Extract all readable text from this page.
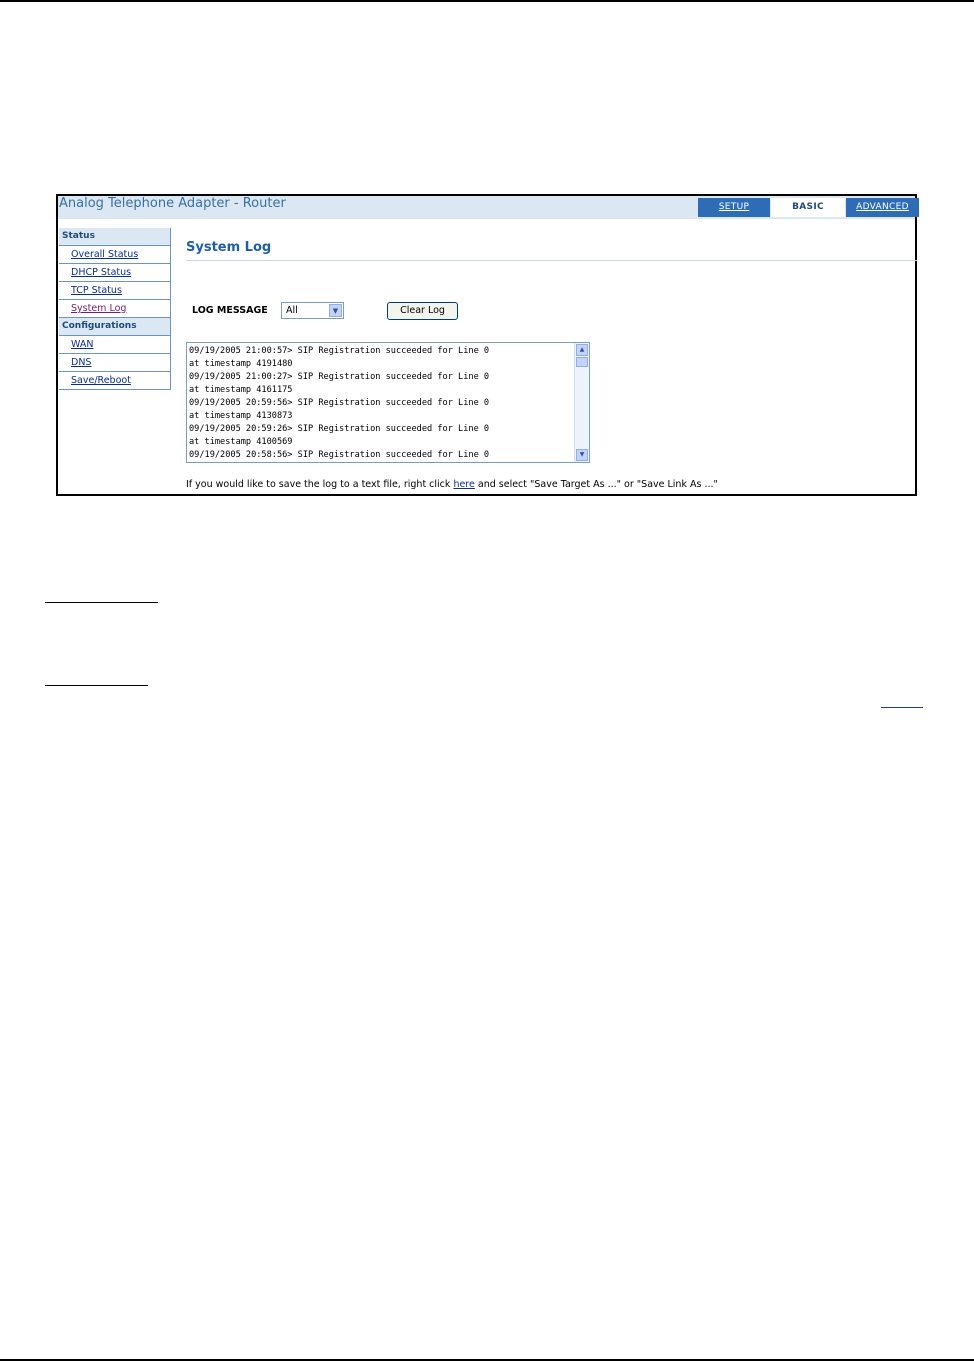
Analog Telephone Adapter - Router	SETUP	BASIC	ADVANCED
Status
Overall Status
DHCP Status
TCP Status
System Log
Configurations
WAN
DNS
Save/Reboot
System Log
LOG MESSAGE All	▼	Clear Log
09/19/2005 21:00:57> SIP Registration succeeded for Line 0
at timestamp 4191480
09/19/2005 21:00:27> SIP Registration succeeded for Line 0
at timestamp 4161175
09/19/2005 20:59:56> SIP Registration succeeded for Line 0
at timestamp 4130873
09/19/2005 20:59:26> SIP Registration succeeded for Line 0
at timestamp 4100569
09/19/2005 20:58:56> SIP Registration succeeded for Line 0
▲
▼
If you would like to save the log to a text file, right click here and select "Save Target As ..." or "Save Link As ..."
